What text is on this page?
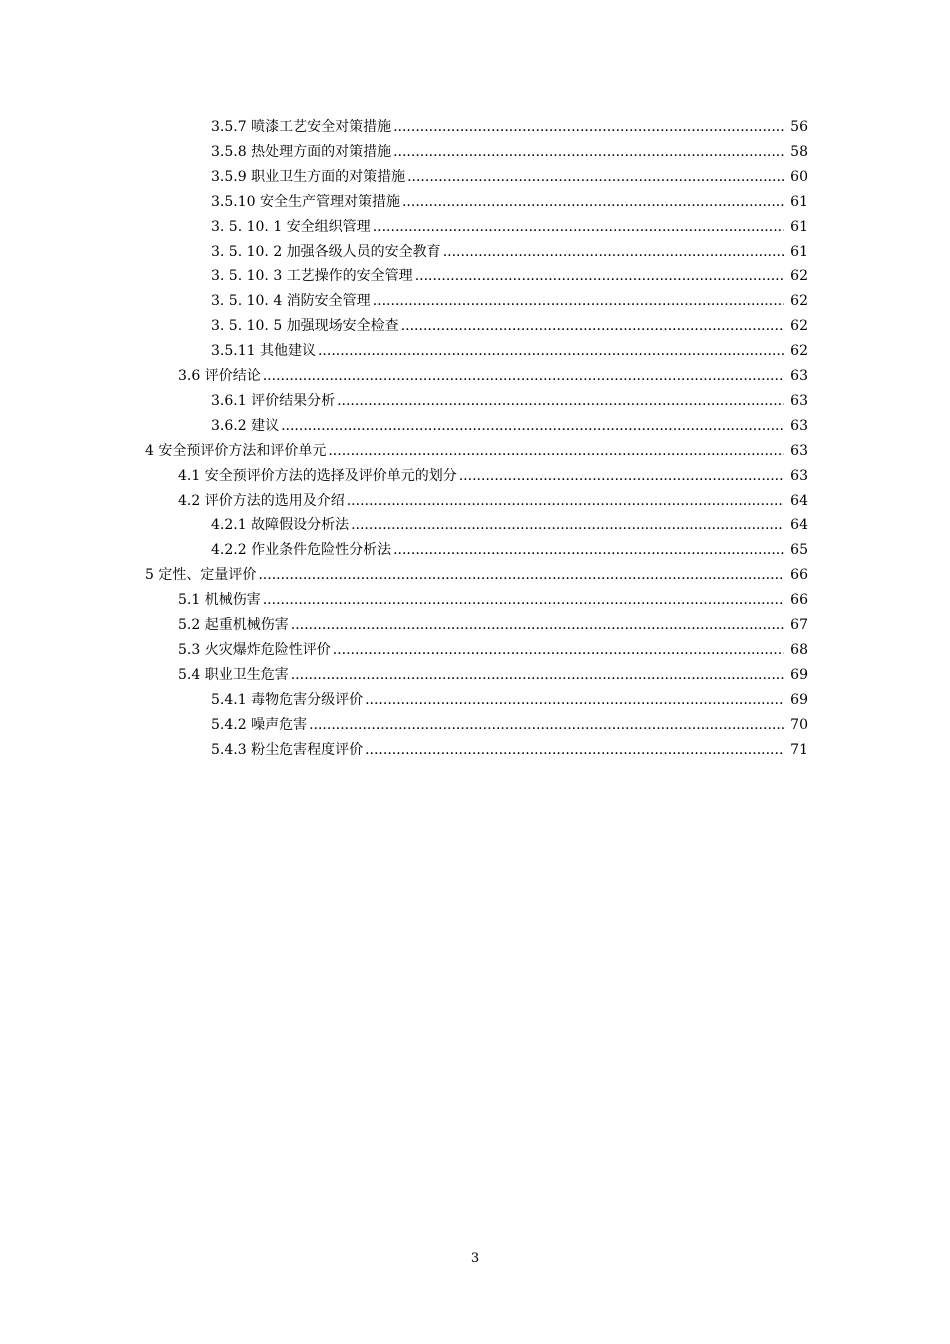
3.5.7 喷漆工艺安全对策措施 .....	56
3.5.8 热处理方面的对策措施 .....	58
3.5.9 职业卫生方面的对策措施 .....	60
3.5.10 安全生产管理对策措施 .....	61
3. 5. 10. 1 安全组织管理 .....	61
3. 5. 10. 2 加强各级人员的安全教育 .....	61
3. 5. 10. 3 工艺操作的安全管理 .....	62
3. 5. 10. 4 消防安全管理 .....	62
3. 5. 10. 5 加强现场安全检查 .....	62
3.5.11 其他建议 .....	62
3.6 评价结论 .....	63
3.6.1 评价结果分析 .....	63
3.6.2 建议 .....	63
4 安全预评价方法和评价单元 .....	63
4.1 安全预评价方法的选择及评价单元的划分 .....	63
4.2 评价方法的选用及介绍 .....	64
4.2.1 故障假设分析法 .....	64
4.2.2 作业条件危险性分析法 .....	65
5 定性、定量评价 .....	66
5.1 机械伤害 .....	66
5.2 起重机械伤害 .....	67
5.3 火灾爆炸危险性评价 .....	68
5.4 职业卫生危害 .....	69
5.4.1 毒物危害分级评价 .....	69
5.4.2 噪声危害 .....	70
5.4.3 粉尘危害程度评价 .....	71
3
